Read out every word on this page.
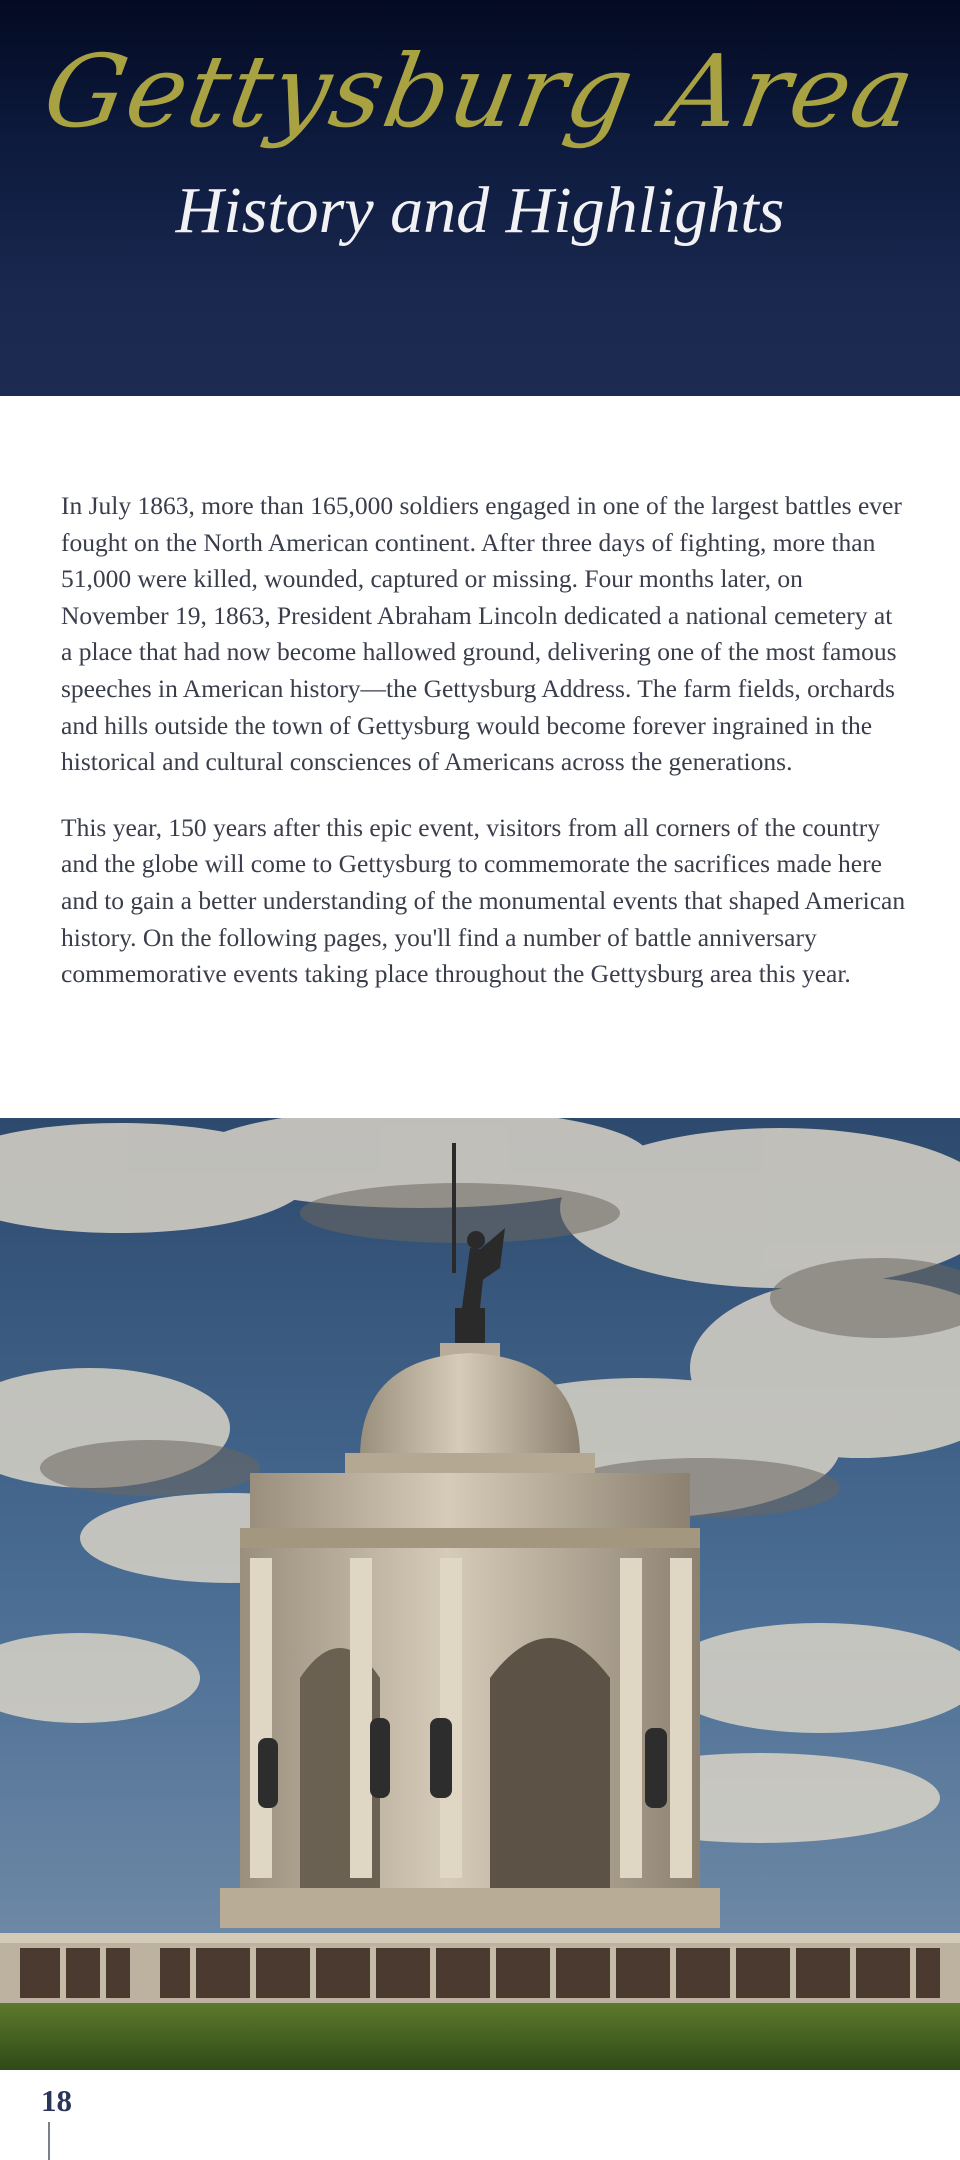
Gettysburg Area
History and Highlights

In July 1863, more than 165,000 soldiers engaged in one of the largest battles ever fought on the North American continent. After three days of fighting, more than 51,000 were killed, wounded, captured or missing. Four months later, on November 19, 1863, President Abraham Lincoln dedicated a national cemetery at a place that had now become hallowed ground, delivering one of the most famous speeches in American history—the Gettysburg Address. The farm fields, orchards and hills outside the town of Gettysburg would become forever ingrained in the historical and cultural consciences of Americans across the generations.

This year, 150 years after this epic event, visitors from all corners of the country and the globe will come to Gettysburg to commemorate the sacrifices made here and to gain a better understanding of the monumental events that shaped American history. On the following pages, you'll find a number of battle anniversary commemorative events taking place throughout the Gettysburg area this year.

18
